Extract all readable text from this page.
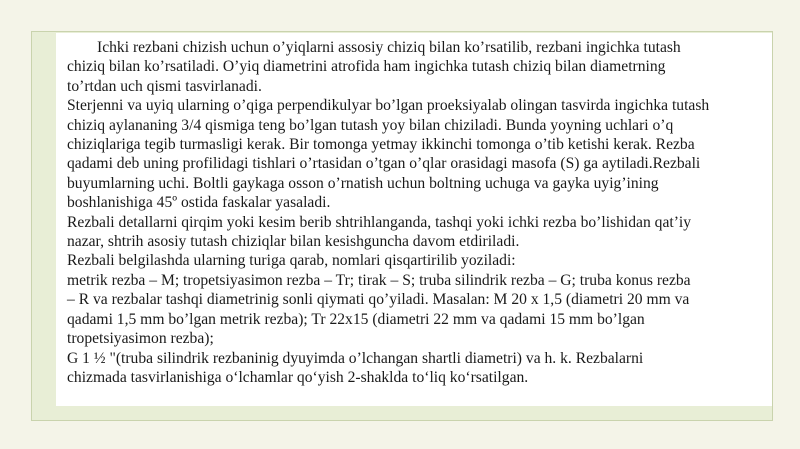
Ichki rezbani chizish uchun o’yiqlarni assosiy chiziq bilan ko’rsatilib, rezbani ingichka tutash

chiziq bilan ko’rsatiladi. O’yiq diametrini atrofida ham ingichka tutash chiziq bilan diametrning

to’rtdan uch qismi tasvirlanadi.

Sterjenni va uyiq ularning o’qiga perpendikulyar bo’lgan proeksiyalab olingan tasvirda ingichka tutash

chiziq aylananing 3/4 qismiga teng bo’lgan tutash yoy bilan chiziladi. Bunda yoyning uchlari o’q

chiziqlariga tegib turmasligi kerak. Bir tomonga yetmay ikkinchi tomonga o’tib ketishi kerak. Rezba

qadami deb uning profilidagi tishlari o’rtasidan o’tgan o’qlar orasidagi masofa (S) ga aytiladi.Rezbali

buyumlarning uchi. Boltli gaykaga osson o’rnatish uchun boltning uchuga va gayka uyig’ining

boshlanishiga 45º ostida faskalar yasaladi.

Rezbali detallarni qirqim yoki kesim berib shtrihlanganda, tashqi yoki ichki rezba bo’lishidan qat’iy

nazar, shtrih asosiy tutash chiziqlar bilan kesishguncha davom etdiriladi.

Rezbali belgilashda ularning turiga qarab, nomlari qisqartirilib yoziladi:

metrik rezba – M; tropetsiyasimon rezba – Tr; tirak – S; truba silindrik rezba – G; truba konus rezba

– R va rezbalar tashqi diametrinig sonli qiymati qo’yiladi. Masalan: M 20 x 1,5 (diametri 20 mm va

qadami 1,5 mm bo’lgan metrik rezba); Tr 22x15 (diametri 22 mm va qadami 15 mm bo’lgan

tropetsiyasimon rezba);

G 1 ½ "(truba silindrik rezbaninig dyuyimda o’lchangan shartli diametri) va h. k. Rezbalarni

chizmada tasvirlanishiga o‘lchamlar qo‘yish 2-shaklda to‘liq ko‘rsatilgan.
